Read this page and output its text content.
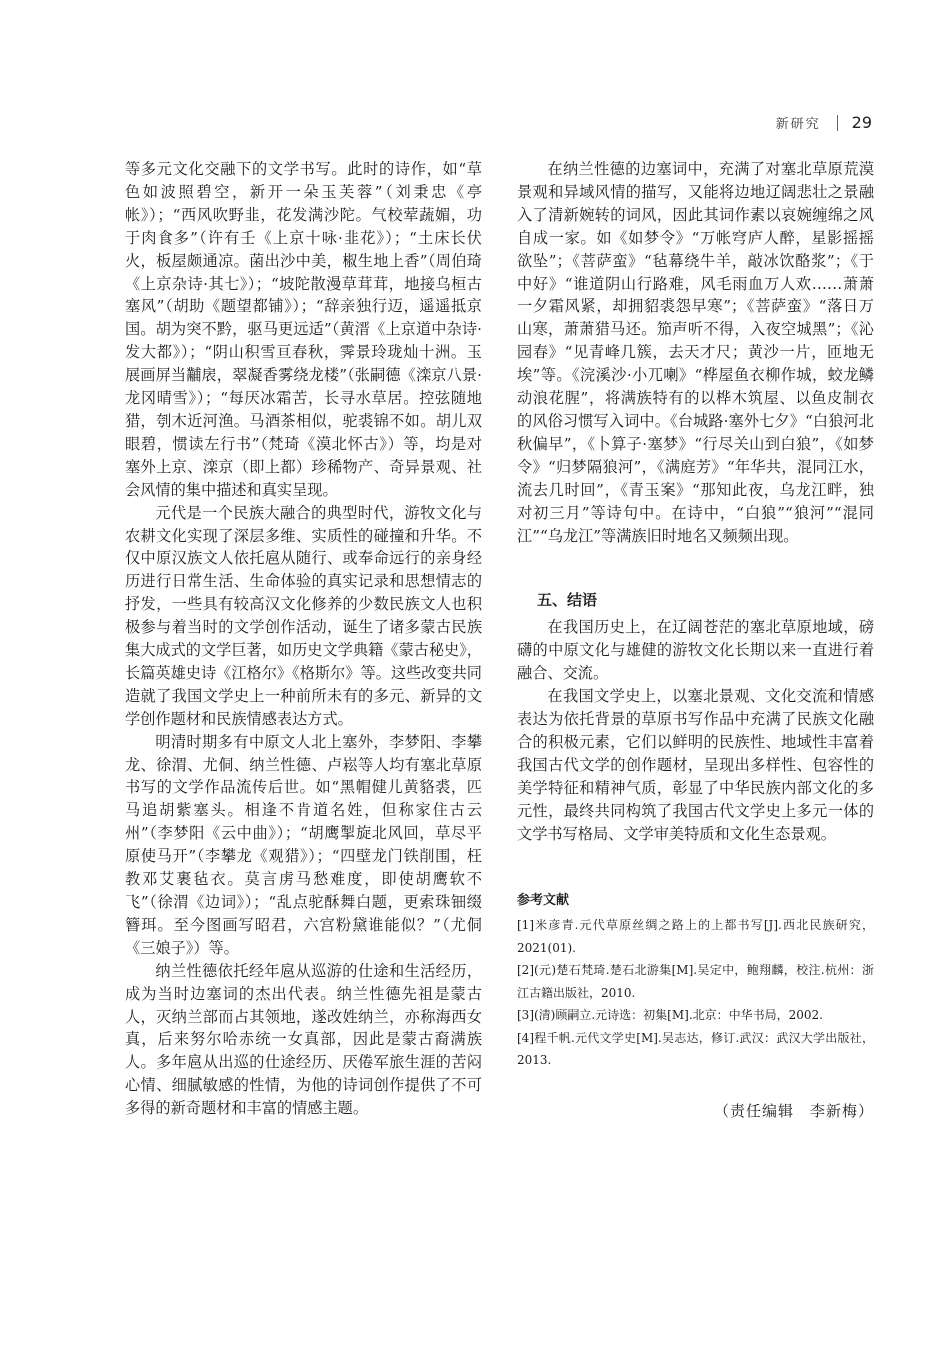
新研究 29

等多元文化交融下的文学书写。此时的诗作，如“草色如波照碧空，新开一朵玉芙蓉”（刘秉忠《亭帐》）；“西风吹野韭，花发满沙陀。气校荤蔬媚，功于肉食多”（许有壬《上京十咏·韭花》）；“土床长伏火，板屋颇通凉。菌出沙中美，椒生地上香”（周伯琦《上京杂诗·其七》）；“坡陀散漫草茸茸，地接乌桓古塞风”（胡助《题望都铺》）；“辞亲独行迈，遥遥抵京国。胡为突不黔，驱马更远适”（黄溍《上京道中杂诗·发大都》）；“阴山积雪亘春秋，霁景玲珑灿十洲。玉展画屏当黼扆，翠凝香雾绕龙楼”（张嗣德《滦京八景·龙冈晴雪》）；“每厌冰霜苦，长寻水草居。控弦随地猎，刳木近河渔。马酒茶相似，驼裘锦不如。胡儿双眼碧，惯读左行书”（梵琦《漠北怀古》）等，均是对塞外上京、滦京（即上都）珍稀物产、奇异景观、社会风情的集中描述和真实呈现。

元代是一个民族大融合的典型时代，游牧文化与农耕文化实现了深层多维、实质性的碰撞和升华。不仅中原汉族文人依托扈从随行、或奉命远行的亲身经历进行日常生活、生命体验的真实记录和思想情志的抒发，一些具有较高汉文化修养的少数民族文人也积极参与着当时的文学创作活动，诞生了诸多蒙古民族集大成式的文学巨著，如历史文学典籍《蒙古秘史》，长篇英雄史诗《江格尔》《格斯尔》等。这些改变共同造就了我国文学史上一种前所未有的多元、新异的文学创作题材和民族情感表达方式。

明清时期多有中原文人北上塞外，李梦阳、李攀龙、徐渭、尤侗、纳兰性德、卢崧等人均有塞北草原书写的文学作品流传后世。如“黑帽健儿黄貉裘，匹马追胡紫塞头。相逢不肯道名姓，但称家住古云州”（李梦阳《云中曲》）；“胡鹰掣旋北风回，草尽平原使马开”（李攀龙《观猎》）；“四壁龙门铁削围，枉教邓艾裹毡衣。莫言虏马愁难度，即使胡鹰软不飞”（徐渭《边词》）；“乱点驼酥舞白题，更索珠钿缀簪珥。至今图画写昭君，六宫粉黛谁能似？”（尤侗《三娘子》）等。

纳兰性德依托经年扈从巡游的仕途和生活经历，成为当时边塞词的杰出代表。纳兰性德先祖是蒙古人，灭纳兰部而占其领地，遂改姓纳兰，亦称海西女真，后来努尔哈赤统一女真部，因此是蒙古裔满族人。多年扈从出巡的仕途经历、厌倦军旅生涯的苦闷心情、细腻敏感的性情，为他的诗词创作提供了不可多得的新奇题材和丰富的情感主题。

在纳兰性德的边塞词中，充满了对塞北草原荒漠景观和异域风情的描写，又能将边地辽阔悲壮之景融入了清新婉转的词风，因此其词作素以哀婉缠绵之风自成一家。如《如梦令》“万帐穹庐人醉，星影摇摇欲坠”；《菩萨蛮》“毡幕绕牛羊，敲冰饮酪浆”；《于中好》“谁道阴山行路难，风毛雨血万人欢……萧萧一夕霜风紧，却拥貂裘怨早寒”；《菩萨蛮》“落日万山寒，萧萧猎马还。笳声听不得，入夜空城黑”；《沁园春》“见青峰几簇，去天才尺；黄沙一片，匝地无埃”等。《浣溪沙·小兀喇》“桦屋鱼衣柳作城，蛟龙鳞动浪花腥”，将满族特有的以桦木筑屋、以鱼皮制衣的风俗习惯写入词中。《台城路·塞外七夕》“白狼河北秋偏早”，《卜算子·塞梦》“行尽关山到白狼”，《如梦令》“归梦隔狼河”，《满庭芳》“年华共，混同江水，流去几时回”，《青玉案》“那知此夜，乌龙江畔，独对初三月”等诗句中。在诗中，“白狼”“狼河”“混同江”“乌龙江”等满族旧时地名又频频出现。

五、结语

在我国历史上，在辽阔苍茫的塞北草原地域，磅礴的中原文化与雄健的游牧文化长期以来一直进行着融合、交流。

在我国文学史上，以塞北景观、文化交流和情感表达为依托背景的草原书写作品中充满了民族文化融合的积极元素，它们以鲜明的民族性、地域性丰富着我国古代文学的创作题材，呈现出多样性、包容性的美学特征和精神气质，彰显了中华民族内部文化的多元性，最终共同构筑了我国古代文学史上多元一体的文学书写格局、文学审美特质和文化生态景观。

参考文献

[1]米彦青.元代草原丝绸之路上的上都书写[J].西北民族研究，2021(01).

[2](元)楚石梵琦.楚石北游集[M].吴定中，鲍翔麟，校注.杭州：浙江古籍出版社，2010.

[3](清)顾嗣立.元诗选：初集[M].北京：中华书局，2002.

[4]程千帆.元代文学史[M].吴志达，修订.武汉：武汉大学出版社，2013.

（责任编辑　李新梅）
